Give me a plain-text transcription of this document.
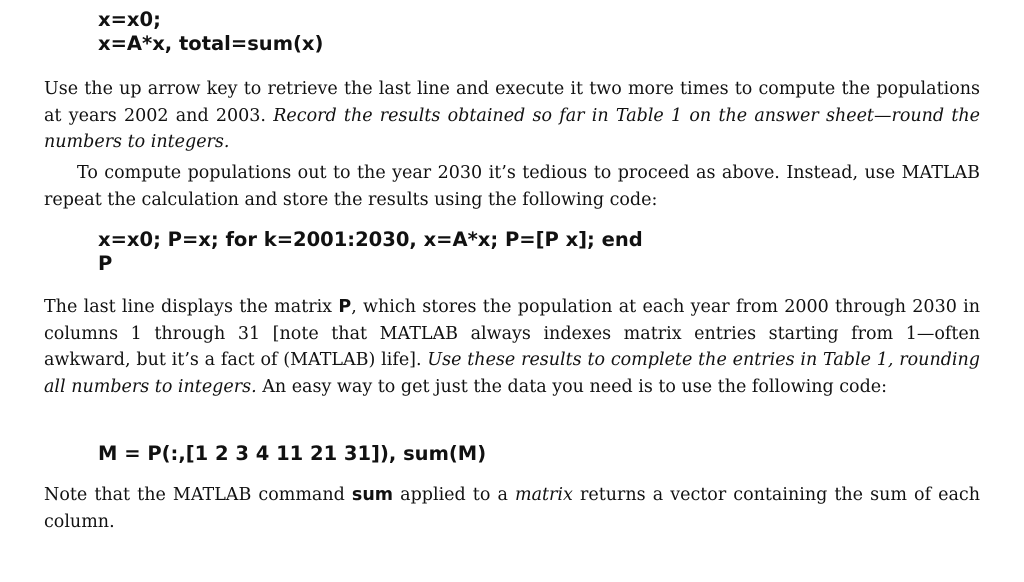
x=x0;
x=A*x, total=sum(x)
Use the up arrow key to retrieve the last line and execute it two more times to compute the populations at years 2002 and 2003. Record the results obtained so far in Table 1 on the answer sheet—round the numbers to integers.
To compute populations out to the year 2030 it’s tedious to proceed as above. Instead, use MATLAB repeat the calculation and store the results using the following code:
x=x0; P=x; for k=2001:2030, x=A*x; P=[P x]; end
P
The last line displays the matrix P, which stores the population at each year from 2000 through 2030 in columns 1 through 31 [note that MATLAB always indexes matrix entries starting from 1—often awkward, but it’s a fact of (MATLAB) life]. Use these results to complete the entries in Table 1, rounding all numbers to integers. An easy way to get just the data you need is to use the following code:
M = P(:,[1 2 3 4 11 21 31]), sum(M)
Note that the MATLAB command sum applied to a matrix returns a vector containing the sum of each column.
